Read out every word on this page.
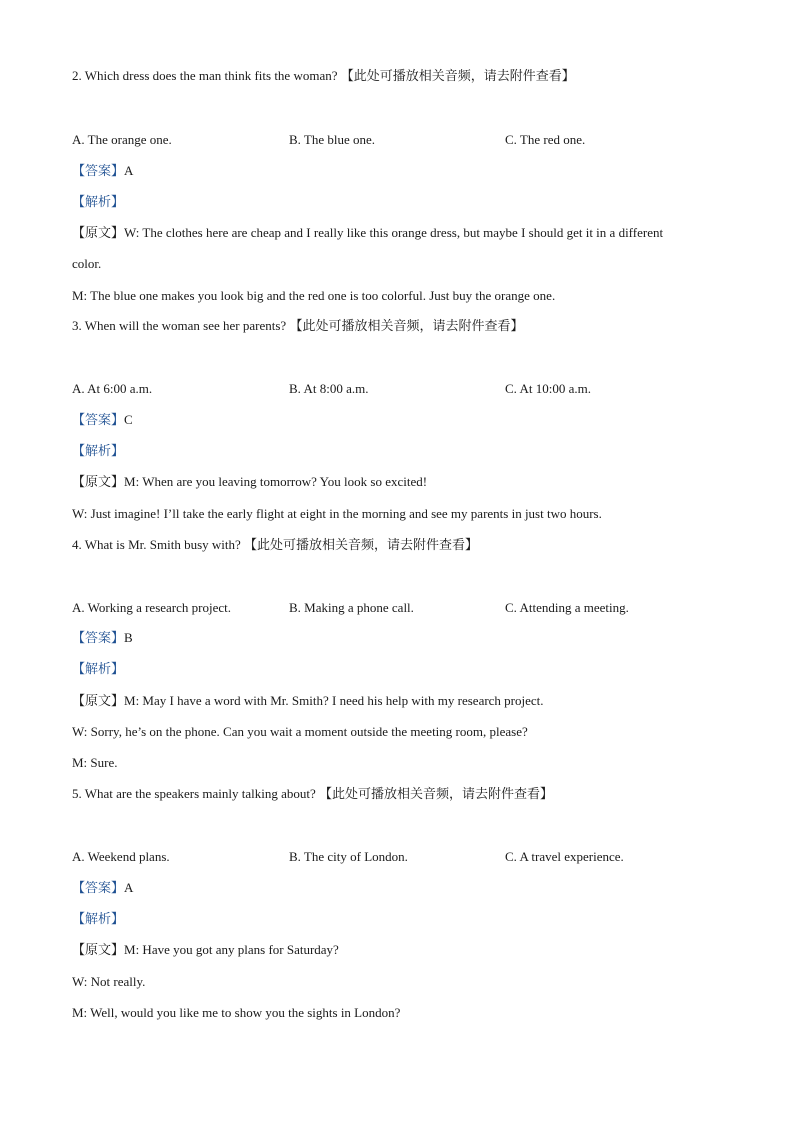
2. Which dress does the man think fits the woman? 【此处可播放相关音频，请去附件查看】
A. The orange one.	B. The blue one.	C. The red one.
【答案】A
【解析】
【原文】W: The clothes here are cheap and I really like this orange dress, but maybe I should get it in a different
color.
M: The blue one makes you look big and the red one is too colorful. Just buy the orange one.
3. When will the woman see her parents? 【此处可播放相关音频，请去附件查看】
A. At 6:00 a.m.	B. At 8:00 a.m.	C. At 10:00 a.m.
【答案】C
【解析】
【原文】M: When are you leaving tomorrow? You look so excited!
W: Just imagine! I’ll take the early flight at eight in the morning and see my parents in just two hours.
4. What is Mr. Smith busy with? 【此处可播放相关音频，请去附件查看】
A. Working a research project.	B. Making a phone call.	C. Attending a meeting.
【答案】B
【解析】
【原文】M: May I have a word with Mr. Smith? I need his help with my research project.
W: Sorry, he’s on the phone. Can you wait a moment outside the meeting room, please?
M: Sure.
5. What are the speakers mainly talking about? 【此处可播放相关音频，请去附件查看】
A. Weekend plans.	B. The city of London.	C. A travel experience.
【答案】A
【解析】
【原文】M: Have you got any plans for Saturday?
W: Not really.
M: Well, would you like me to show you the sights in London?
